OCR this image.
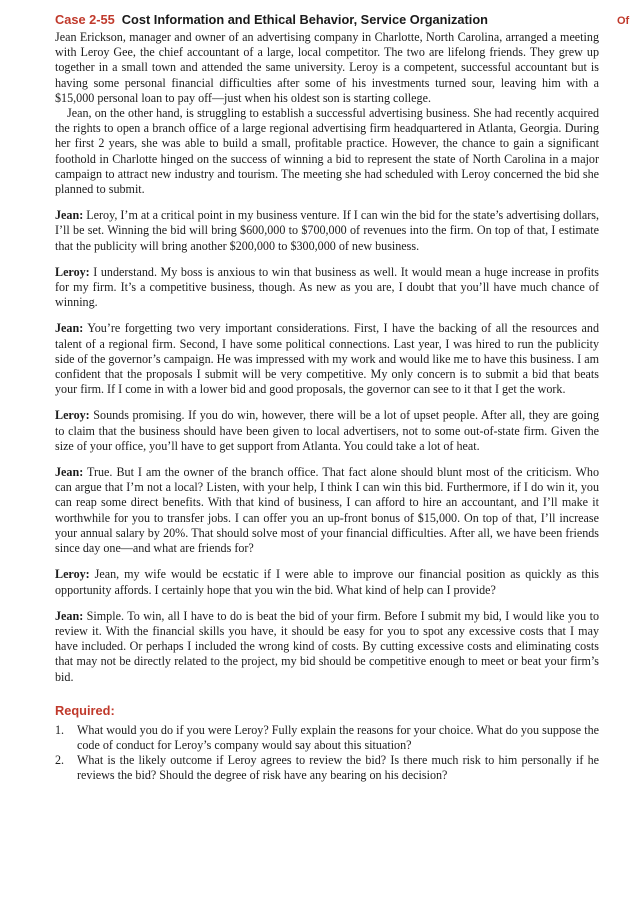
Of
Case 2-55 Cost Information and Ethical Behavior, Service Organization

Jean Erickson, manager and owner of an advertising company in Charlotte, North Carolina, arranged a meeting with Leroy Gee, the chief accountant of a large, local competitor. The two are lifelong friends. They grew up together in a small town and attended the same university. Leroy is a competent, successful accountant but is having some personal financial difficulties after some of his investments turned sour, leaving him with a $15,000 personal loan to pay off—just when his oldest son is starting college.

Jean, on the other hand, is struggling to establish a successful advertising business. She had recently acquired the rights to open a branch office of a large regional advertising firm headquartered in Atlanta, Georgia. During her first 2 years, she was able to build a small, profitable practice. However, the chance to gain a significant foothold in Charlotte hinged on the success of winning a bid to represent the state of North Carolina in a major campaign to attract new industry and tourism. The meeting she had scheduled with Leroy concerned the bid she planned to submit.

Jean: Leroy, I’m at a critical point in my business venture. If I can win the bid for the state’s advertising dollars, I’ll be set. Winning the bid will bring $600,000 to $700,000 of revenues into the firm. On top of that, I estimate that the publicity will bring another $200,000 to $300,000 of new business.

Leroy: I understand. My boss is anxious to win that business as well. It would mean a huge increase in profits for my firm. It’s a competitive business, though. As new as you are, I doubt that you’ll have much chance of winning.

Jean: You’re forgetting two very important considerations. First, I have the backing of all the resources and talent of a regional firm. Second, I have some political connections. Last year, I was hired to run the publicity side of the governor’s campaign. He was impressed with my work and would like me to have this business. I am confident that the proposals I submit will be very competitive. My only concern is to submit a bid that beats your firm. If I come in with a lower bid and good proposals, the governor can see to it that I get the work.

Leroy: Sounds promising. If you do win, however, there will be a lot of upset people. After all, they are going to claim that the business should have been given to local advertisers, not to some out-of-state firm. Given the size of your office, you’ll have to get support from Atlanta. You could take a lot of heat.

Jean: True. But I am the owner of the branch office. That fact alone should blunt most of the criticism. Who can argue that I’m not a local? Listen, with your help, I think I can win this bid. Furthermore, if I do win it, you can reap some direct benefits. With that kind of business, I can afford to hire an accountant, and I’ll make it worthwhile for you to transfer jobs. I can offer you an up-front bonus of $15,000. On top of that, I’ll increase your annual salary by 20%. That should solve most of your financial difficulties. After all, we have been friends since day one—and what are friends for?

Leroy: Jean, my wife would be ecstatic if I were able to improve our financial position as quickly as this opportunity affords. I certainly hope that you win the bid. What kind of help can I provide?

Jean: Simple. To win, all I have to do is beat the bid of your firm. Before I submit my bid, I would like you to review it. With the financial skills you have, it should be easy for you to spot any excessive costs that I may have included. Or perhaps I included the wrong kind of costs. By cutting excessive costs and eliminating costs that may not be directly related to the project, my bid should be competitive enough to meet or beat your firm’s bid.

Required:
1.	What would you do if you were Leroy? Fully explain the reasons for your choice. What do you suppose the code of conduct for Leroy’s company would say about this situation?
2.	What is the likely outcome if Leroy agrees to review the bid? Is there much risk to him personally if he reviews the bid? Should the degree of risk have any bearing on his decision?
